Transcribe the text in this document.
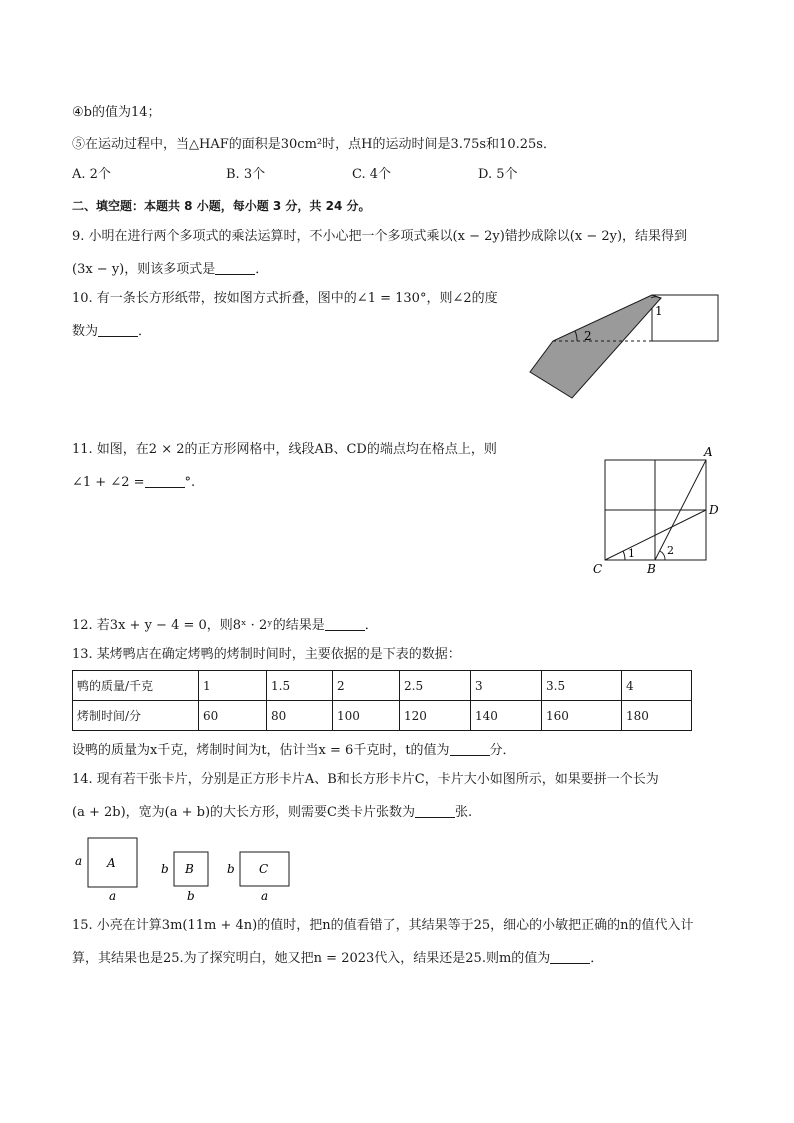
④b的值为14；
⑤在运动过程中，当△HAF的面积是30cm²时，点H的运动时间是3.75s和10.25s．
A. 2个	B. 3个	C. 4个	D. 5个
二、填空题：本题共 8 小题，每小题 3 分，共 24 分。
9. 小明在进行两个多项式的乘法运算时，不小心把一个多项式乘以(x − 2y)错抄成除以(x − 2y)，结果得到
(3x − y)，则该多项式是	．
10. 有一条长方形纸带，按如图方式折叠，图中的∠1 = 130°，则∠2的度
数为	．
1
2
11. 如图，在2 × 2的正方形网格中，线段AB、CD的端点均在格点上，则
∠1 + ∠2 =	°.
A
D
C	B
1	2
12. 若3x + y − 4 = 0，则8ˣ · 2ʸ的结果是	．
13. 某烤鸭店在确定烤鸭的烤制时间时，主要依据的是下表的数据：
鸭的质量/千克	1	1.5	2	2.5	3	3.5	4
烤制时间/分	60	80	100	120	140	160	180
设鸭的质量为x千克，烤制时间为t，估计当x = 6千克时，t的值为	分．
14. 现有若干张卡片，分别是正方形卡片A、B和长方形卡片C，卡片大小如图所示，如果要拼一个长为
(a + 2b)，宽为(a + b)的大长方形，则需要C类卡片张数为	张.
A
a
a
B
b
b
C
b
a
15. 小亮在计算3m(11m + 4n)的值时，把n的值看错了，其结果等于25，细心的小敏把正确的n的值代入计
算，其结果也是25.为了探究明白，她又把n = 2023代入，结果还是25.则m的值为	．
